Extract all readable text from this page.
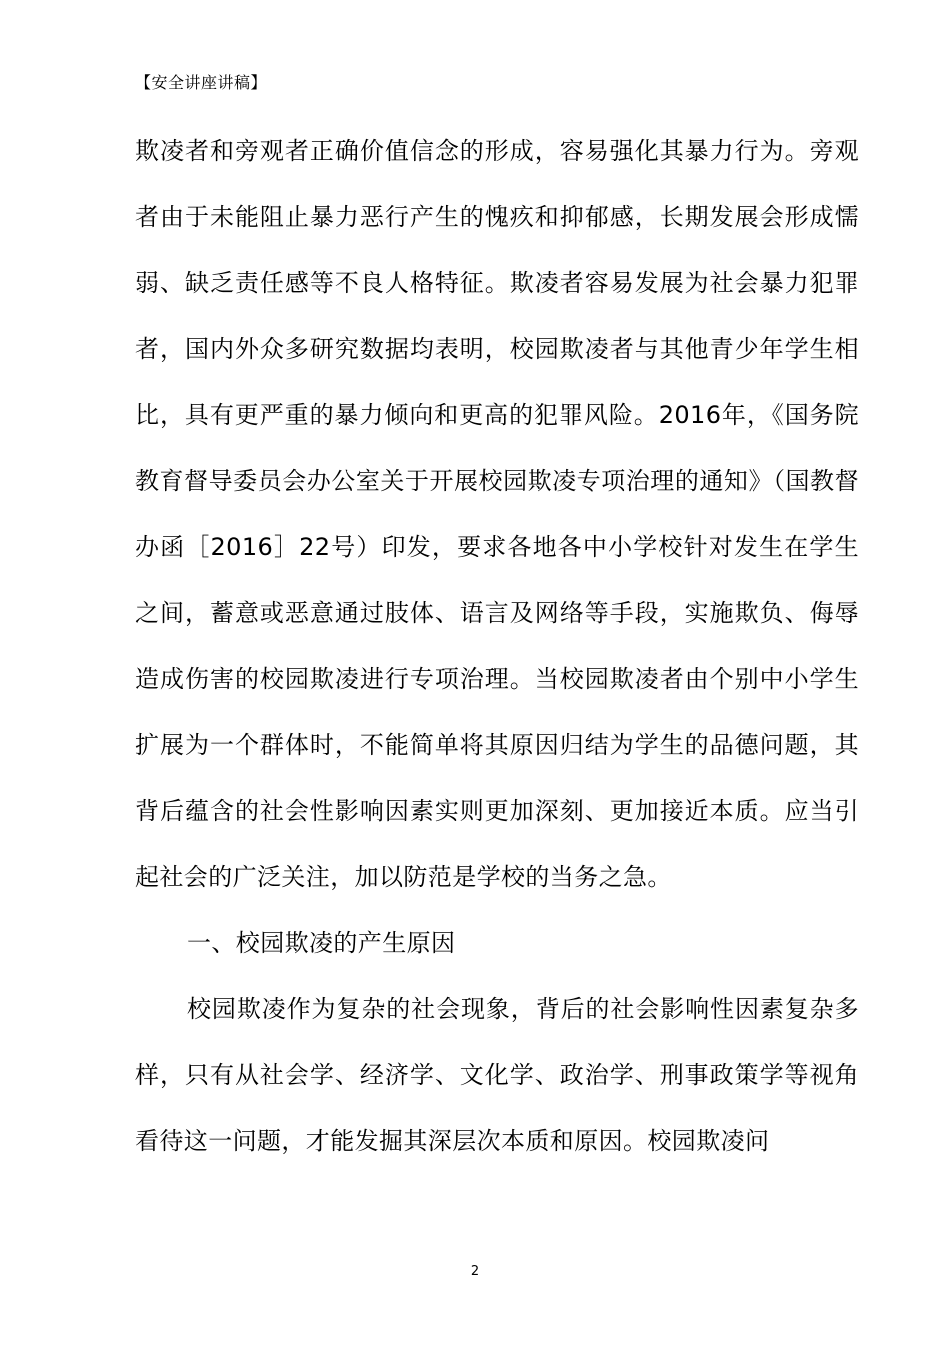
【安全讲座讲稿】

欺凌者和旁观者正确价值信念的形成，容易强化其暴力行为。旁观者由于未能阻止暴力恶行产生的愧疚和抑郁感，长期发展会形成懦弱、缺乏责任感等不良人格特征。欺凌者容易发展为社会暴力犯罪者，国内外众多研究数据均表明，校园欺凌者与其他青少年学生相比，具有更严重的暴力倾向和更高的犯罪风险。2016年，《国务院教育督导委员会办公室关于开展校园欺凌专项治理的通知》（国教督办函［2016］22号）印发，要求各地各中小学校针对发生在学生之间，蓄意或恶意通过肢体、语言及网络等手段，实施欺负、侮辱造成伤害的校园欺凌进行专项治理。当校园欺凌者由个别中小学生扩展为一个群体时，不能简单将其原因归结为学生的品德问题，其背后蕴含的社会性影响因素实则更加深刻、更加接近本质。应当引起社会的广泛关注，加以防范是学校的当务之急。

一、校园欺凌的产生原因

校园欺凌作为复杂的社会现象，背后的社会影响性因素复杂多样，只有从社会学、经济学、文化学、政治学、刑事政策学等视角看待这一问题，才能发掘其深层次本质和原因。校园欺凌问

2
